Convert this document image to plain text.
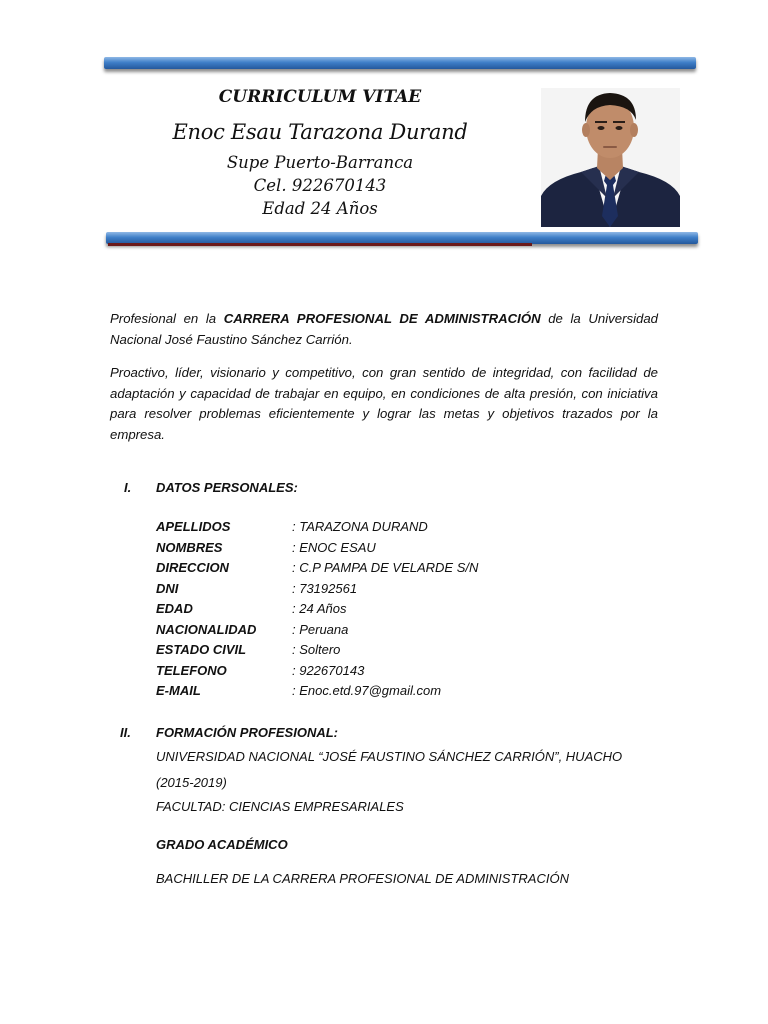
CURRICULUM VITAE
Enoc Esau Tarazona Durand
Supe Puerto-Barranca
Cel. 922670143
Edad 24 Años
Profesional en la CARRERA PROFESIONAL DE ADMINISTRACIÓN de la Universidad Nacional José Faustino Sánchez Carrión.
Proactivo, líder, visionario y competitivo, con gran sentido de integridad, con facilidad de adaptación y capacidad de trabajar en equipo, en condiciones de alta presión, con iniciativa para resolver problemas eficientemente y lograr las metas y objetivos trazados por la empresa.
I. DATOS PERSONALES:
APELLIDOS	: TARAZONA DURAND
NOMBRES	: ENOC ESAU
DIRECCION	: C.P PAMPA DE VELARDE S/N
DNI	: 73192561
EDAD	: 24 Años
NACIONALIDAD	: Peruana
ESTADO CIVIL	: Soltero
TELEFONO	: 922670143
E-MAIL	: Enoc.etd.97@gmail.com
II. FORMACIÓN PROFESIONAL:
UNIVERSIDAD NACIONAL “JOSÉ FAUSTINO SÁNCHEZ CARRIÓN”, HUACHO (2015-2019)
FACULTAD: CIENCIAS EMPRESARIALES
GRADO ACADÉMICO
BACHILLER DE LA CARRERA PROFESIONAL DE ADMINISTRACIÓN
